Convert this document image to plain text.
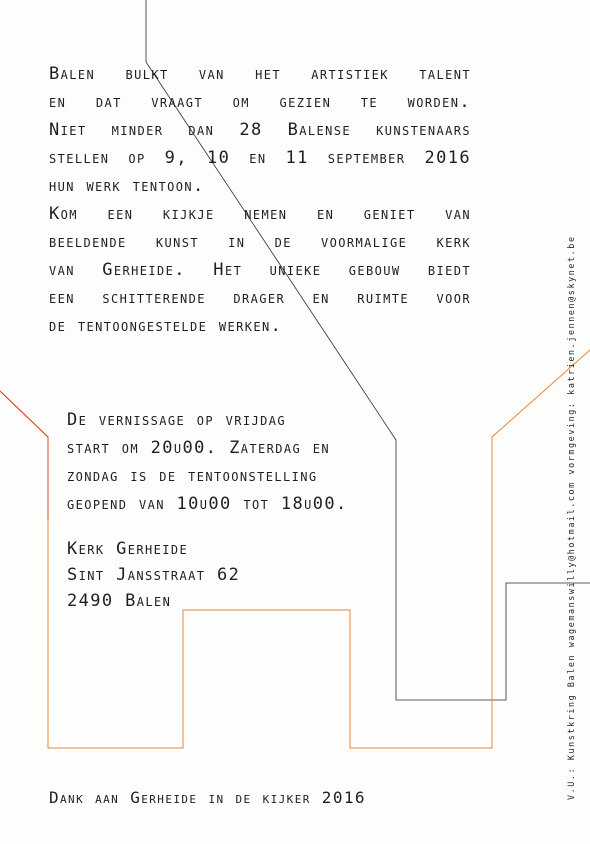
Balen bulkt van het artistiek talent
en dat vraagt om gezien te worden.
Niet minder dan 28 Balense kunstenaars
stellen op 9, 10 en 11 september 2016
hun werk tentoon.
Kom een kijkje nemen en geniet van
beeldende kunst in de voormalige kerk
van Gerheide. Het unieke gebouw biedt
een schitterende drager en ruimte voor
de tentoongestelde werken.
De vernissage op vrijdag
start om 20u00. Zaterdag en
zondag is de tentoonstelling
geopend van 10u00 tot 18u00.
Kerk Gerheide
Sint Jansstraat 62
2490 Balen
Dank aan Gerheide in de kijker 2016	V.U.: Kunstkring Balen wagemanswilly@hotmail.com vormgeving: katrien.jennen@skynet.be
